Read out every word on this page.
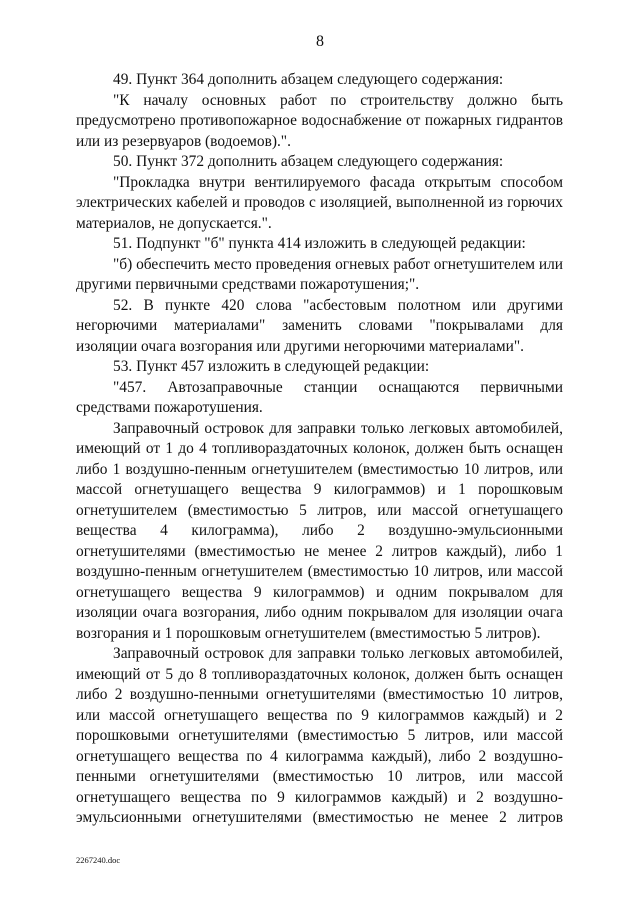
8

49. Пункт 364 дополнить абзацем следующего содержания:

"К началу основных работ по строительству должно быть предусмотрено противопожарное водоснабжение от пожарных гидрантов или из резервуаров (водоемов).".

50. Пункт 372 дополнить абзацем следующего содержания:

"Прокладка внутри вентилируемого фасада открытым способом электрических кабелей и проводов с изоляцией, выполненной из горючих материалов, не допускается.".

51. Подпункт "б" пункта 414 изложить в следующей редакции:

"б) обеспечить место проведения огневых работ огнетушителем или другими первичными средствами пожаротушения;".

52. В пункте 420 слова "асбестовым полотном или другими негорючими материалами" заменить словами "покрывалами для изоляции очага возгорания или другими негорючими материалами".

53. Пункт 457 изложить в следующей редакции:

"457. Автозаправочные станции оснащаются первичными средствами пожаротушения.

Заправочный островок для заправки только легковых автомобилей, имеющий от 1 до 4 топливораздаточных колонок, должен быть оснащен либо 1 воздушно-пенным огнетушителем (вместимостью 10 литров, или массой огнетушащего вещества 9 килограммов) и 1 порошковым огнетушителем (вместимостью 5 литров, или массой огнетушащего вещества 4 килограмма), либо 2 воздушно-эмульсионными огнетушителями (вместимостью не менее 2 литров каждый), либо 1 воздушно-пенным огнетушителем (вместимостью 10 литров, или массой огнетушащего вещества 9 килограммов) и одним покрывалом для изоляции очага возгорания, либо одним покрывалом для изоляции очага возгорания и 1 порошковым огнетушителем (вместимостью 5 литров).

Заправочный островок для заправки только легковых автомобилей, имеющий от 5 до 8 топливораздаточных колонок, должен быть оснащен либо 2 воздушно-пенными огнетушителями (вместимостью 10 литров, или массой огнетушащего вещества по 9 килограммов каждый) и 2 порошковыми огнетушителями (вместимостью 5 литров, или массой огнетушащего вещества по 4 килограмма каждый), либо 2 воздушно-пенными огнетушителями (вместимостью 10 литров, или массой огнетушащего вещества по 9 килограммов каждый) и 2 воздушно-эмульсионными огнетушителями (вместимостью не менее 2 литров

2267240.doc
